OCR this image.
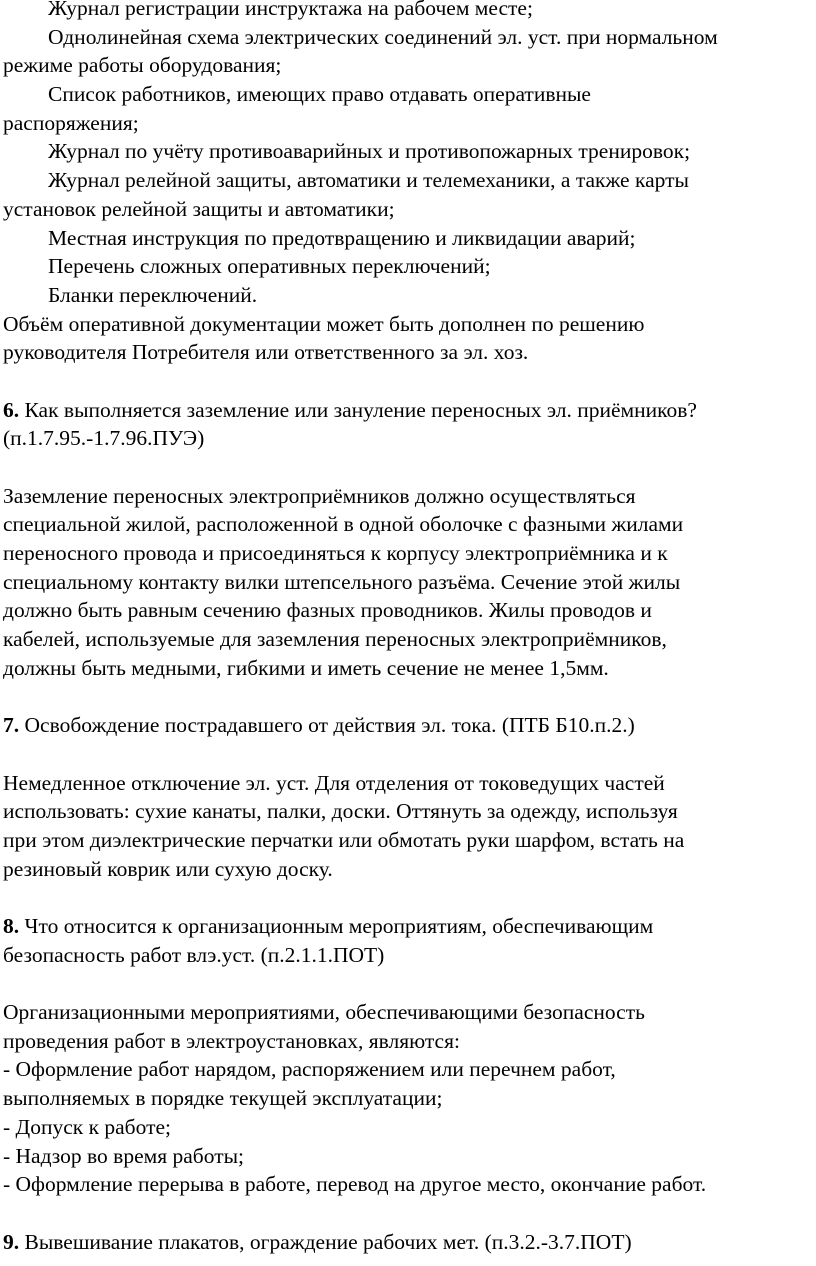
Журнал регистрации инструктажа на рабочем месте;
Однолинейная схема электрических соединений эл. уст. при нормальном
режиме работы оборудования;
Список работников, имеющих право отдавать оперативные
распоряжения;
Журнал по учёту противоаварийных и противопожарных тренировок;
Журнал релейной защиты, автоматики и телемеханики, а также карты
установок релейной защиты и автоматики;
Местная инструкция по предотвращению и ликвидации аварий;
Перечень сложных оперативных переключений;
Бланки переключений.
Объём оперативной документации может быть дополнен по решению
руководителя Потребителя или ответственного за эл. хоз.
6. Как выполняется заземление или зануление переносных эл. приёмников?
(п.1.7.95.-1.7.96.ПУЭ)
Заземление переносных электроприёмников должно осуществляться
специальной жилой, расположенной в одной оболочке с фазными жилами
переносного провода и присоединяться к корпусу электроприёмника и к
специальному контакту вилки штепсельного разъёма. Сечение этой жилы
должно быть равным сечению фазных проводников. Жилы проводов и
кабелей, используемые для заземления переносных электроприёмников,
должны быть медными, гибкими и иметь сечение не менее 1,5мм.
7. Освобождение пострадавшего от действия эл. тока. (ПТБ Б10.п.2.)
Немедленное отключение эл. уст. Для отделения от токоведущих частей
использовать: сухие канаты, палки, доски. Оттянуть за одежду, используя
при этом диэлектрические перчатки или обмотать руки шарфом, встать на
резиновый коврик или сухую доску.
8. Что относится к организационным мероприятиям, обеспечивающим
безопасность работ влэ.уст. (п.2.1.1.ПОТ)
Организационными мероприятиями, обеспечивающими безопасность
проведения работ в электроустановках, являются:
- Оформление работ нарядом, распоряжением или перечнем работ,
выполняемых в порядке текущей эксплуатации;
- Допуск к работе;
- Надзор во время работы;
- Оформление перерыва в работе, перевод на другое место, окончание работ.
9. Вывешивание плакатов, ограждение рабочих мет. (п.3.2.-3.7.ПОТ)
